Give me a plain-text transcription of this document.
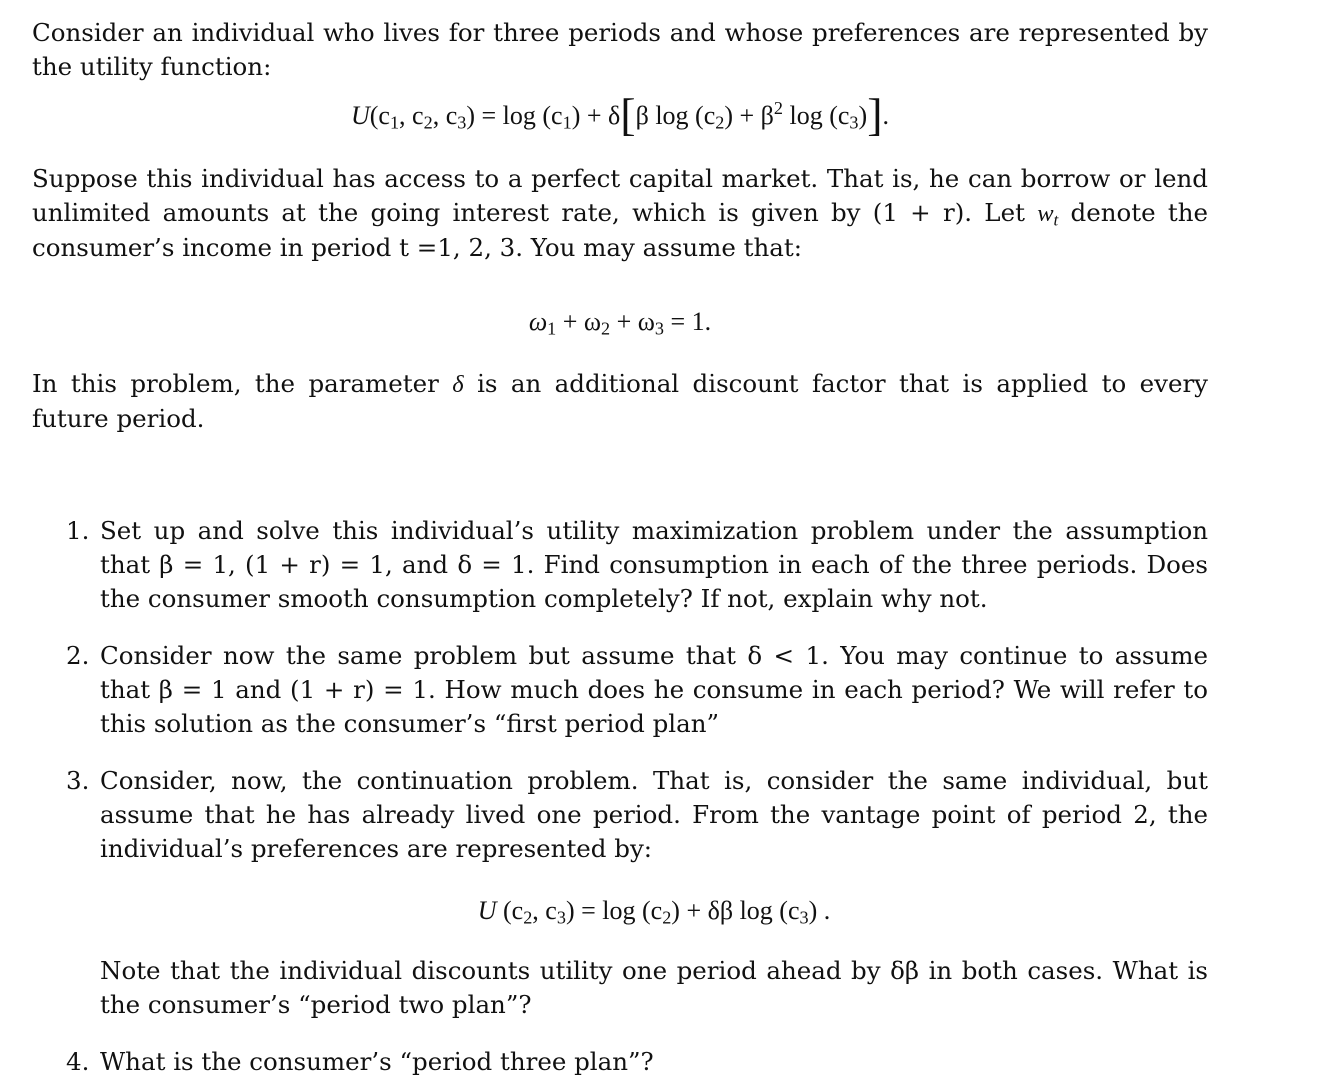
Consider an individual who lives for three periods and whose preferences are represented by the utility function:

$U(c_1$, $c_2$, $c_3) = \log (c_1) + \delta[\beta$ $\log (c_2) + \beta^2$ $\log (c_3)$].

Suppose this individual has access to a perfect capital market. That is, he can borrow or lend unlimited amounts at the going interest rate, which is given by (1 + r). Let $w_t$ denote the consumer’s income in period t =1, 2, 3. You may assume that:

$\omega_1 + \omega_2 + \omega_3 = 1$.

In this problem, the parameter δ is an additional discount factor that is applied to every future period.

1. Set up and solve this individual’s utility maximization problem under the assumption that β = 1, (1 + r) = 1, and δ = 1. Find consumption in each of the three periods. Does the consumer smooth consumption completely? If not, explain why not.

2. Consider now the same problem but assume that δ < 1. You may continue to assume that β = 1 and (1 + r) = 1. How much does he consume in each period? We will refer to this solution as the consumer’s “first period plan”

3. Consider, now, the continuation problem. That is, consider the same individual, but assume that he has already lived one period. From the vantage point of period 2, the individual’s preferences are represented by:

U ($c_2$, $c_3) = \log (c_2) + \delta\beta$ $\log (c_3)$ .

Note that the individual discounts utility one period ahead by δβ in both cases. What is the consumer’s “period two plan”?

4. What is the consumer’s “period three plan”?
